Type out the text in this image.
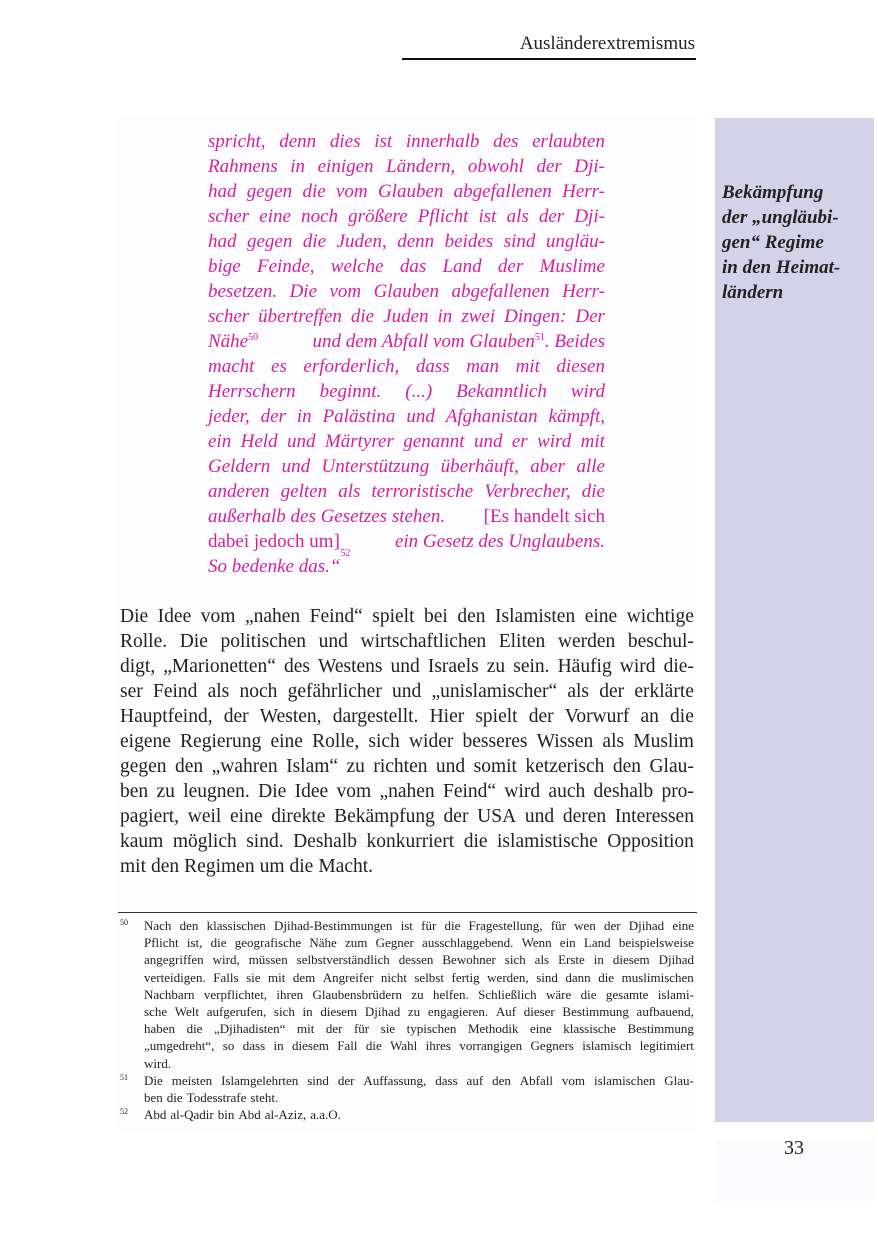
Ausländerextremismus
Bekämpfung
der „ungläubi-
gen“ Regime
in den Heimat-
ländern
spricht, denn dies ist innerhalb des erlaubten
Rahmens in einigen Ländern, obwohl der Dji-
had gegen die vom Glauben abgefallenen Herr-
scher eine noch größere Pflicht ist als der Dji-
had gegen die Juden, denn beides sind ungläu-
bige Feinde, welche das Land der Muslime
besetzen. Die vom Glauben abgefallenen Herr-
scher übertreffen die Juden in zwei Dingen: Der
Nähe$^{50}$	und dem Abfall vom Glauben$^{51}$. Beides
macht es erforderlich, dass man mit diesen
Herrschern beginnt. (...) Bekanntlich wird
jeder, der in Palästina und Afghanistan kämpft,
ein Held und Märtyrer genannt und er wird mit
Geldern und Unterstützung überhäuft, aber alle
anderen gelten als terroristische Verbrecher, die
außerhalb des Gesetzes stehen. [Es handelt sich
dabei jedoch um]	ein Gesetz des Unglaubens.
So bedenke das.“
52
Die Idee vom „nahen Feind“ spielt bei den Islamisten eine wichtige
Rolle. Die politischen und wirtschaftlichen Eliten werden beschul-
digt, „Marionetten“ des Westens und Israels zu sein. Häufig wird die-
ser Feind als noch gefährlicher und „unislamischer“ als der erklärte
Hauptfeind, der Westen, dargestellt. Hier spielt der Vorwurf an die
eigene Regierung eine Rolle, sich wider besseres Wissen als Muslim
gegen den „wahren Islam“ zu richten und somit ketzerisch den Glau-
ben zu leugnen. Die Idee vom „nahen Feind“ wird auch deshalb pro-
pagiert, weil eine direkte Bekämpfung der USA und deren Interessen
kaum möglich sind. Deshalb konkurriert die islamistische Opposition
mit den Regimen um die Macht.
50 Nach den klassischen Djihad-Bestimmungen ist für die Fragestellung, für wen der Djihad eine
Pflicht ist, die geografische Nähe zum Gegner ausschlaggebend. Wenn ein Land beispielsweise
angegriffen wird, müssen selbstverständlich dessen Bewohner sich als Erste in diesem Djihad
verteidigen. Falls sie mit dem Angreifer nicht selbst fertig werden, sind dann die muslimischen
Nachbarn verpflichtet, ihren Glaubensbrüdern zu helfen. Schließlich wäre die gesamte islami-
sche Welt aufgerufen, sich in diesem Djihad zu engagieren. Auf dieser Bestimmung aufbauend,
haben die „Djihadisten“ mit der für sie typischen Methodik eine klassische Bestimmung
„umgedreht“, so dass in diesem Fall die Wahl ihres vorrangigen Gegners islamisch legitimiert
wird.
51 Die meisten Islamgelehrten sind der Auffassung, dass auf den Abfall vom islamischen Glau-
ben die Todesstrafe steht.
52 Abd al-Qadir bin Abd al-Aziz, a.a.O.
33
